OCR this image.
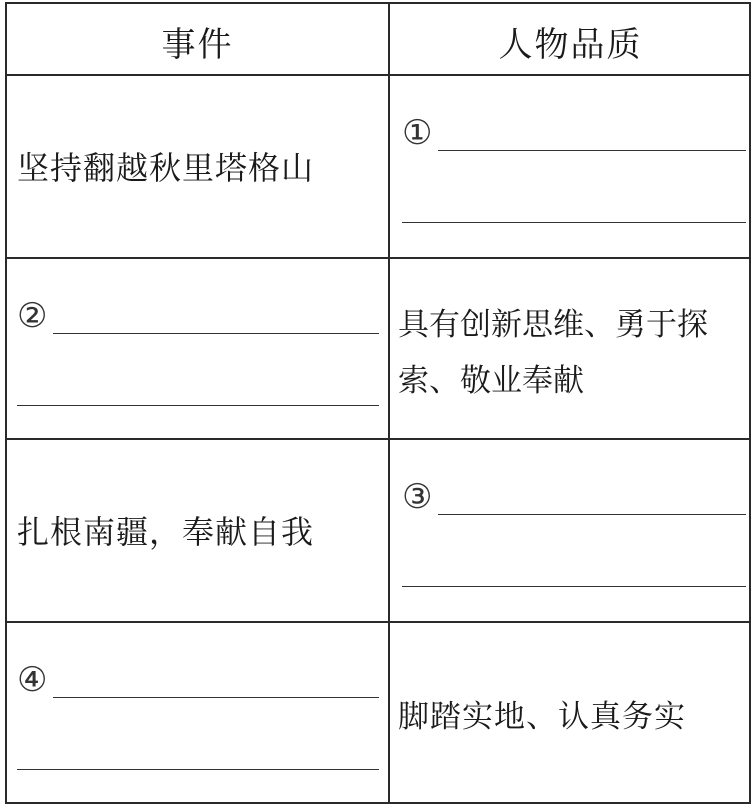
事件	人物品质
坚持翻越秋里塔格山
①
②	具有创新思维、勇于探
索、敬业奉献
扎根南疆，奉献自我
③
④
脚踏实地、认真务实
